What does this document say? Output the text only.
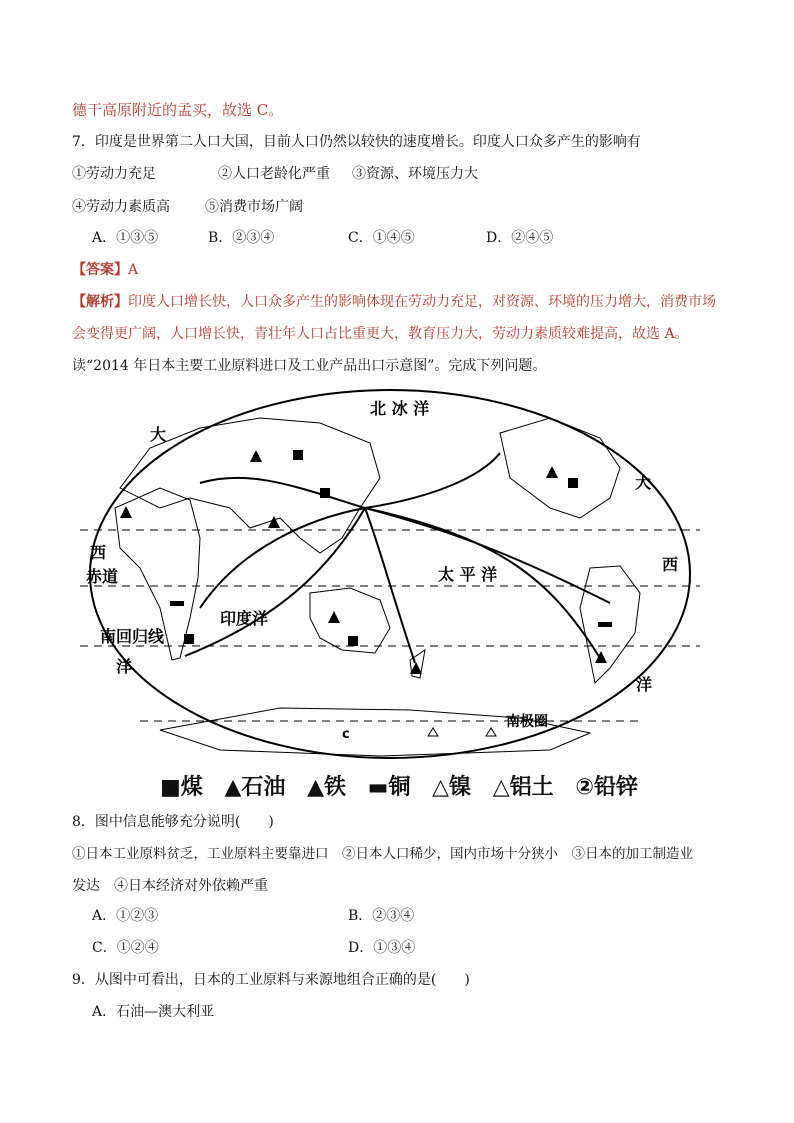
德干高原附近的孟买，故选 C。
7．印度是世界第二人口大国，目前人口仍然以较快的速度增长。印度人口众多产生的影响有
①劳动力充足	②人口老龄化严重 ③资源、环境压力大
④劳动力素质高	⑤消费市场广阔
A．①③⑤	B．②③④	C．①④⑤	D．②④⑤
【答案】A
【解析】印度人口增长快，人口众多产生的影响体现在劳动力充足，对资源、环境的压力增大，消费市场
会变得更广阔，人口增长快，青壮年人口占比重更大，教育压力大，劳动力素质较难提高，故选 A。
读“2014 年日本主要工业原料进口及工业产品出口示意图”。完成下列问题。
北 冰 洋
大
大
西
西
赤道	太 平 洋
印度洋
南回归线
洋
洋
南极圈
c
■煤 ▲石油 ▲铁 ▬铜 △镍 △铝土 ②铅锌
8．图中信息能够充分说明(　　)
①日本工业原料贫乏，工业原料主要靠进口　②日本人口稀少，国内市场十分狭小　③日本的加工制造业
发达　④日本经济对外依赖严重
A．①②③	B．②③④
C．①②④	D．①③④
9．从图中可看出，日本的工业原料与来源地组合正确的是(　　)
A．石油—澳大利亚
